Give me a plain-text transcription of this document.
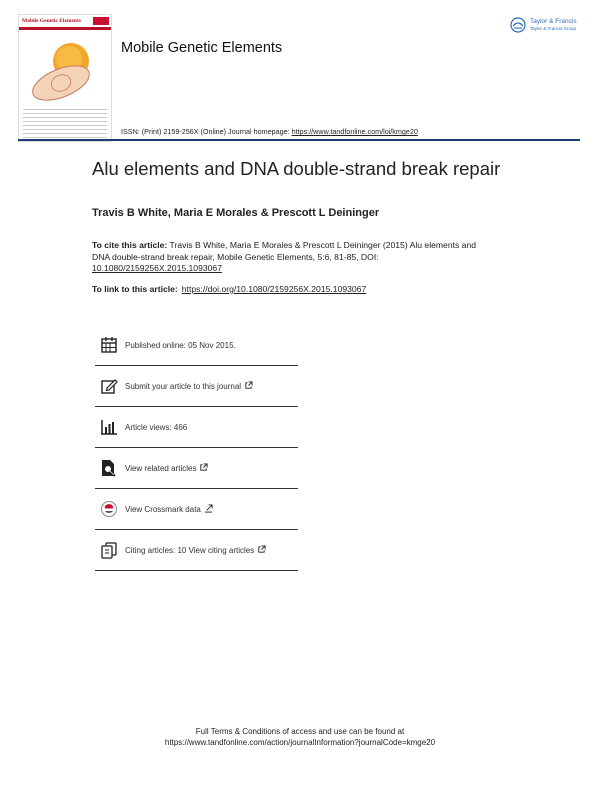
Mobile Genetic Elements
Mobile Genetic Elements
Taylor & Francis
Taylor & Francis Group
ISSN: (Print) 2159-256X (Online) Journal homepage: https://www.tandfonline.com/loi/kmge20
Alu elements and DNA double-strand break repair
Travis B White, Maria E Morales & Prescott L Deininger
To cite this article: Travis B White, Maria E Morales & Prescott L Deininger (2015) Alu elements and DNA double-strand break repair, Mobile Genetic Elements, 5:6, 81-85, DOI: 10.1080/2159256X.2015.1093067
To link to this article: https://doi.org/10.1080/2159256X.2015.1093067
Published online: 05 Nov 2015.
Submit your article to this journal
Article views: 466
View related articles
View Crossmark data
Citing articles: 10 View citing articles
Full Terms & Conditions of access and use can be found at
https://www.tandfonline.com/action/journalInformation?journalCode=kmge20
